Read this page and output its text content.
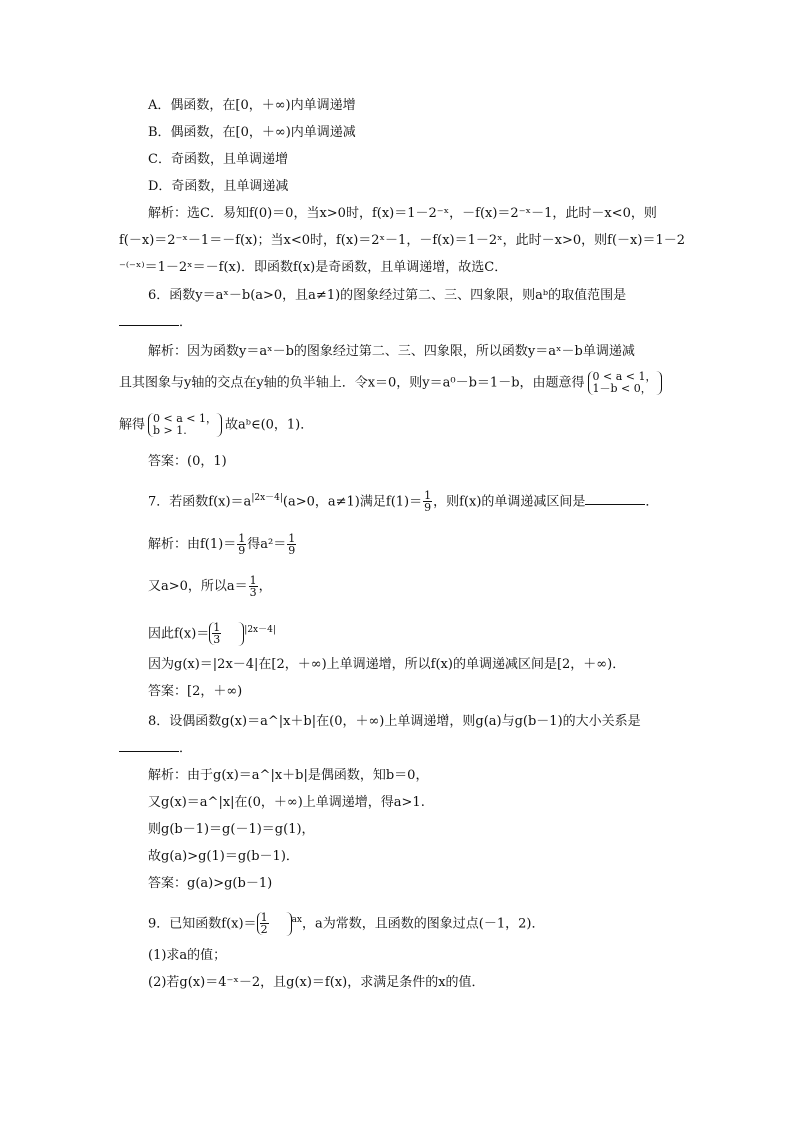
A．偶函数，在[0，＋∞)内单调递增
B．偶函数，在[0，＋∞)内单调递减
C．奇函数，且单调递增
D．奇函数，且单调递减
解析：选C．易知f(0)＝0，当x>0时，f(x)＝1－2⁻ˣ，－f(x)＝2⁻ˣ－1，此时－x<0，则
f(－x)＝2⁻ˣ－1＝－f(x)；当x<0时，f(x)＝2ˣ－1，－f(x)＝1－2ˣ，此时－x>0，则f(－x)＝1－2
⁻⁽⁻ˣ⁾＝1－2ˣ＝－f(x)．即函数f(x)是奇函数，且单调递增，故选C．
6．函数y＝aˣ－b(a>0，且a≠1)的图象经过第二、三、四象限，则aᵇ的取值范围是
．
解析：因为函数y＝aˣ－b的图象经过第二、三、四象限，所以函数y＝aˣ－b单调递减
且其图象与y轴的交点在y轴的负半轴上．令x＝0，则y＝a⁰－b＝1－b，由题意得 0 < a < 1，
1－b < 0，
解得 0 < a < 1，
b > 1.	故aᵇ∈(0，1)．
答案：(0，1)
7．若函数$f(x)=a^{|2x-4|}(a>0$，a≠1)满足$f(1)= \frac{1}{9}$ ，则f(x)的单调递减区间是	．
解析：由$f(1)= \frac{1}{9}$ 得$a^2= \frac{1}{9}$
又a>0，所以$a= \frac{1}{3}$ ，
因此$f(x)= \frac{1}{3}$	$^{|2x-4|}$
因为g(x)＝|2x－4|在[2，＋∞)上单调递增，所以f(x)的单调递减区间是[2，＋∞)．
答案：[2，＋∞)
8．设偶函数g(x)＝a^|x＋b|在(0，＋∞)上单调递增，则g(a)与g(b－1)的大小关系是
．
解析：由于g(x)＝a^|x＋b|是偶函数，知b＝0，
又g(x)＝a^|x|在(0，＋∞)上单调递增，得a>1.
则g(b－1)＝g(－1)＝g(1)，
故g(a)>g(1)＝g(b－1)．
答案：g(a)>g(b－1)
9．已知函数$f(x)= \frac{1}{2}$	$^{ax}$，a为常数，且函数的图象过点(－1，2)．
(1)求a的值；
(2)若g(x)＝4⁻ˣ－2，且g(x)＝f(x)，求满足条件的x的值．
